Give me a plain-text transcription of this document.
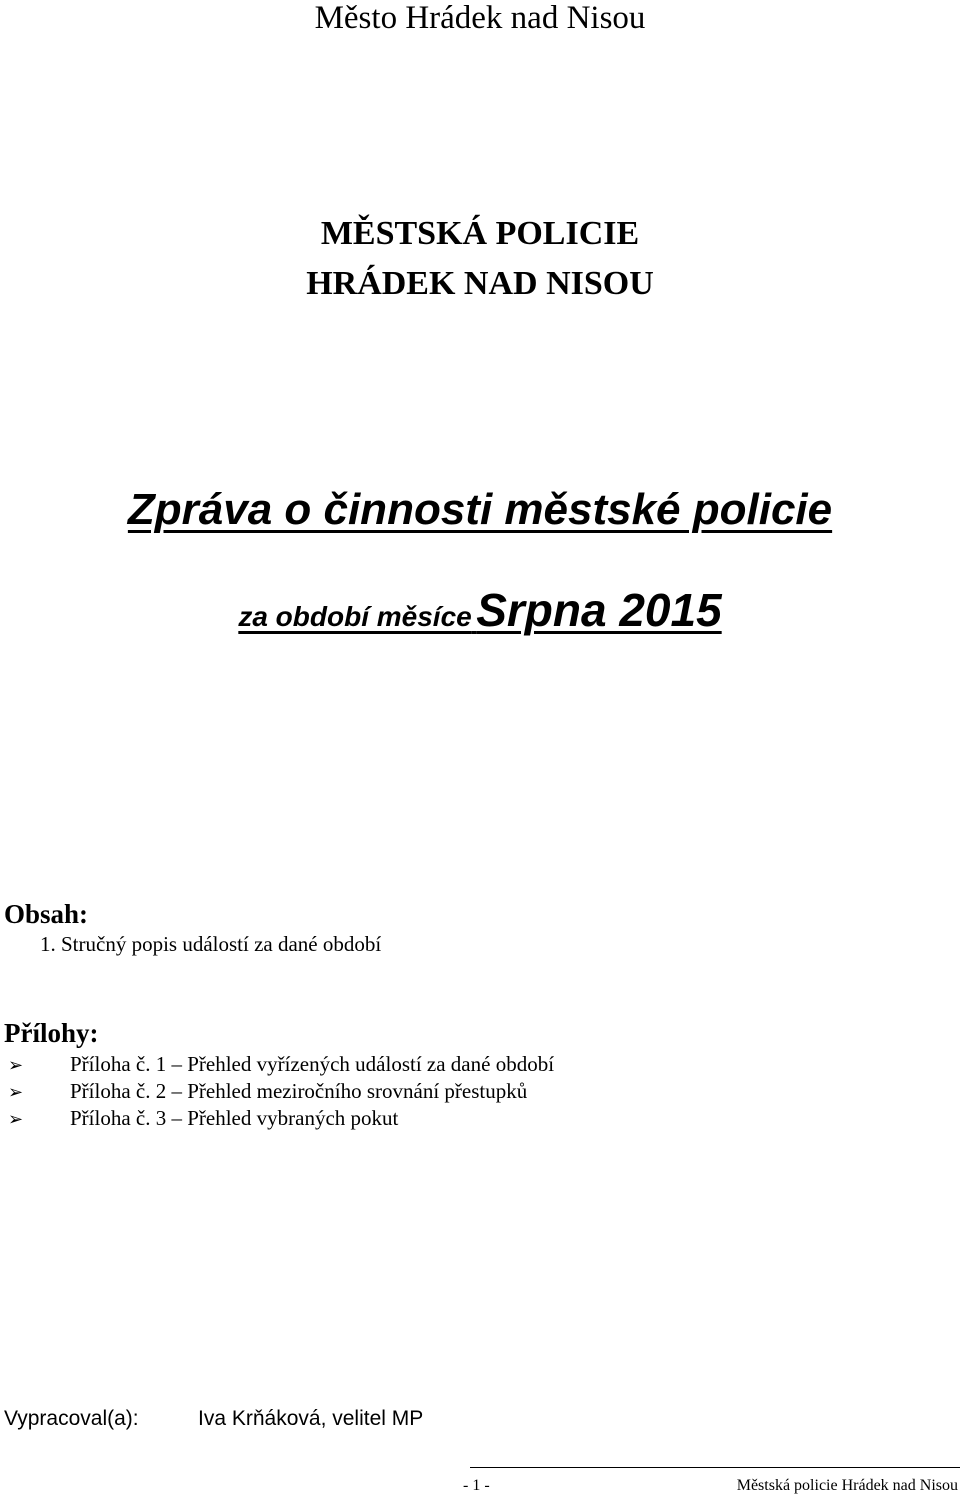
Město Hrádek nad Nisou
MĚSTSKÁ POLICIE
HRÁDEK NAD NISOU
Zpráva o činnosti městské policie
za období měsíce Srpna 2015
Obsah:
1. Stručný popis událostí za dané období
Přílohy:
➢ Příloha č. 1 – Přehled vyřízených událostí za dané období
➢ Příloha č. 2 – Přehled meziročního srovnání přestupků
➢ Příloha č. 3 – Přehled vybraných pokut
Vypracoval(a):	Iva Krňáková, velitel MP
- 1 -	Městská policie Hrádek nad Nisou
